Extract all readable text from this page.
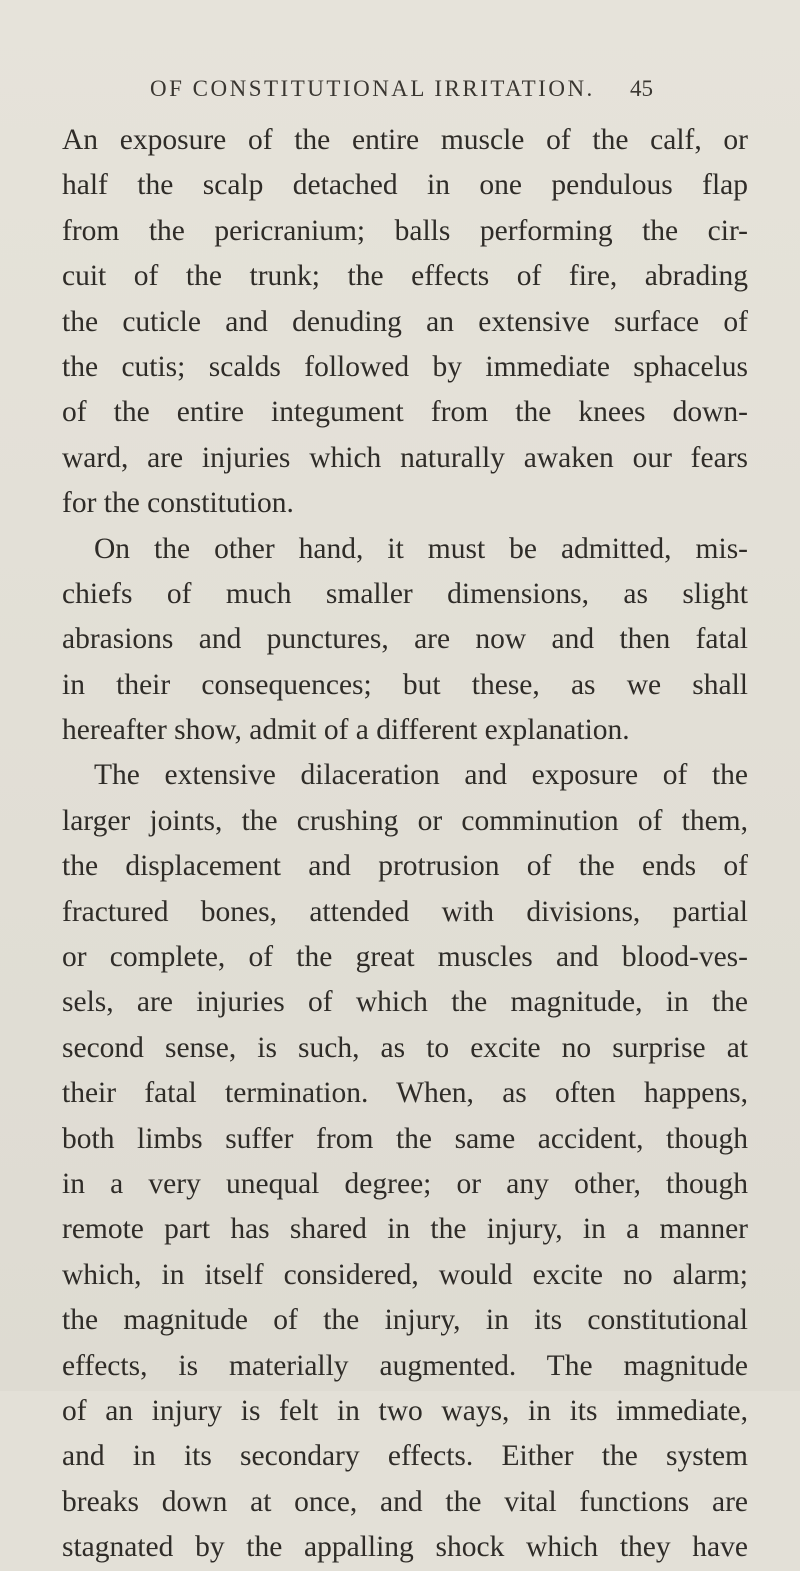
OF CONSTITUTIONAL IRRITATION. 45
An exposure of the entire muscle of the calf, or
half the scalp detached in one pendulous flap
from the pericranium; balls performing the cir-
cuit of the trunk; the effects of fire, abrading
the cuticle and denuding an extensive surface of
the cutis; scalds followed by immediate sphacelus
of the entire integument from the knees down-
ward, are injuries which naturally awaken our fears
for the constitution.
On the other hand, it must be admitted, mis-
chiefs of much smaller dimensions, as slight
abrasions and punctures, are now and then fatal
in their consequences; but these, as we shall
hereafter show, admit of a different explanation.
The extensive dilaceration and exposure of the
larger joints, the crushing or comminution of them,
the displacement and protrusion of the ends of
fractured bones, attended with divisions, partial
or complete, of the great muscles and blood-ves-
sels, are injuries of which the magnitude, in the
second sense, is such, as to excite no surprise at
their fatal termination. When, as often happens,
both limbs suffer from the same accident, though
in a very unequal degree; or any other, though
remote part has shared in the injury, in a manner
which, in itself considered, would excite no alarm;
the magnitude of the injury, in its constitutional
effects, is materially augmented. The magnitude
of an injury is felt in two ways, in its immediate,
and in its secondary effects. Either the system
breaks down at once, and the vital functions are
stagnated by the appalling shock which they have
